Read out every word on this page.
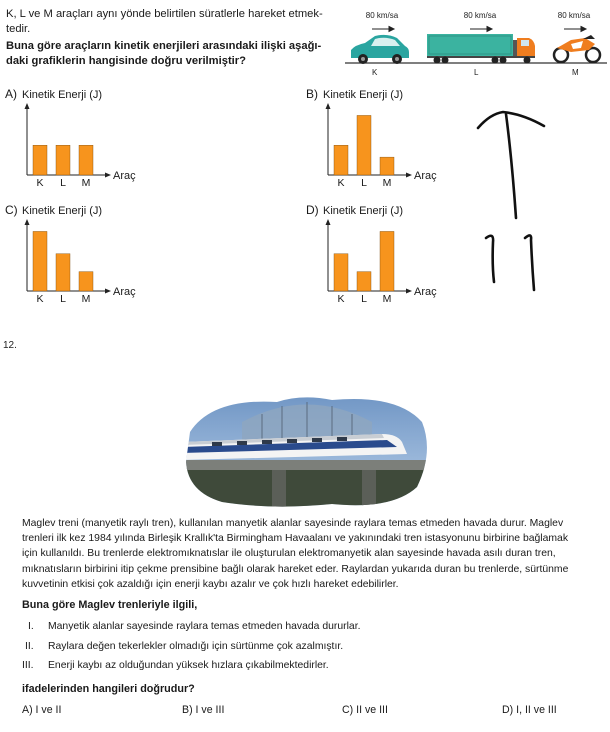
K, L ve M araçları aynı yönde belirtilen süratlerle hareket etmek-
tedir.
Buna göre araçların kinetik enerjileri arasındaki ilişki aşağı-
daki grafiklerin hangisinde doğru verilmiştir?
80 km/sa	80 km/sa	80 km/sa
K	L	M
A) Kinetik Enerji (J)
Araç
K L M
B) Kinetik Enerji (J)
Araç
K L M
C) Kinetik Enerji (J)
Araç
K L M
D) Kinetik Enerji (J)
Araç
K L M
12.
Maglev treni (manyetik raylı tren), kullanılan manyetik alanlar sayesinde raylara temas etmeden havada durur. Maglev
trenleri ilk kez 1984 yılında Birleşik Krallık'ta Birmingham Havaalanı ve yakınındaki tren istasyonunu birbirine bağlamak
için kullanıldı. Bu trenlerde elektromıknatıslar ile oluşturulan elektromanyetik alan sayesinde havada asılı duran tren,
mıknatısların birbirini itip çekme prensibine bağlı olarak hareket eder. Raylardan yukarıda duran bu trenlerde, sürtünme
kuvvetinin etkisi çok azaldığı için enerji kaybı azalır ve çok hızlı hareket edebilirler.
Buna göre Maglev trenleriyle ilgili,
I. Manyetik alanlar sayesinde raylara temas etmeden havada dururlar.
II. Raylara değen tekerlekler olmadığı için sürtünme çok azalmıştır.
III. Enerji kaybı az olduğundan yüksek hızlara çıkabilmektedirler.
ifadelerinden hangileri doğrudur?
A) I ve II	B) I ve III	C) II ve III	D) I, II ve III
